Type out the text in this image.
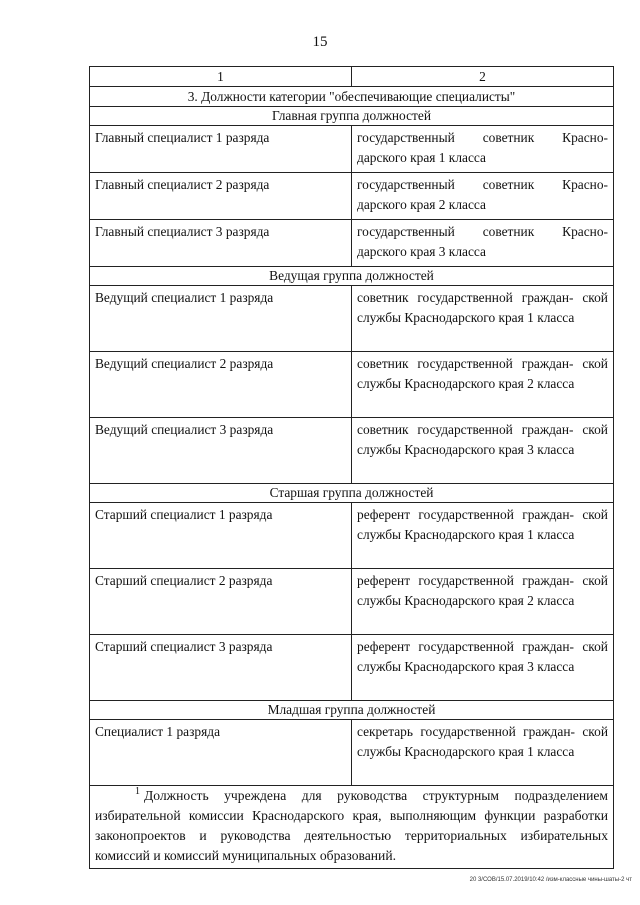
15
1	2
3. Должности категории "обеспечивающие специалисты"	
Главная группа должностей	
Главный специалист 1 разряда	государственный советник Красно- дарского края 1 класса
Главный специалист 2 разряда	государственный советник Красно- дарского края 2 класса
Главный специалист 3 разряда	государственный советник Красно- дарского края 3 класса
Ведущая группа должностей	
Ведущий специалист 1 разряда	советник государственной граждан- ской службы Краснодарского края 1 класса
Ведущий специалист 2 разряда	советник государственной граждан- ской службы Краснодарского края 2 класса
Ведущий специалист 3 разряда	советник государственной граждан- ской службы Краснодарского края 3 класса
Старшая группа должностей	
Старший специалист 1 разряда	референт государственной граждан- ской службы Краснодарского края 1 класса
Старший специалист 2 разряда	референт государственной граждан- ской службы Краснодарского края 2 класса
Старший специалист 3 разряда	референт государственной граждан- ской службы Краснодарского края 3 класса
Младшая группа должностей	
Специалист 1 разряда	секретарь государственной граждан- ской службы Краснодарского края 1 класса
$^1$ Должность учреждена для руководства структурным подразделением избирательной комиссии Краснодарского края, выполняющим функции разработки законопроектов и руководства деятельностью территориальных избирательных комиссий и комиссий муниципальных образований.	
20 3/СОВ/15.07.2019/10:42 /изм-классные чины-шаты-2 чт
